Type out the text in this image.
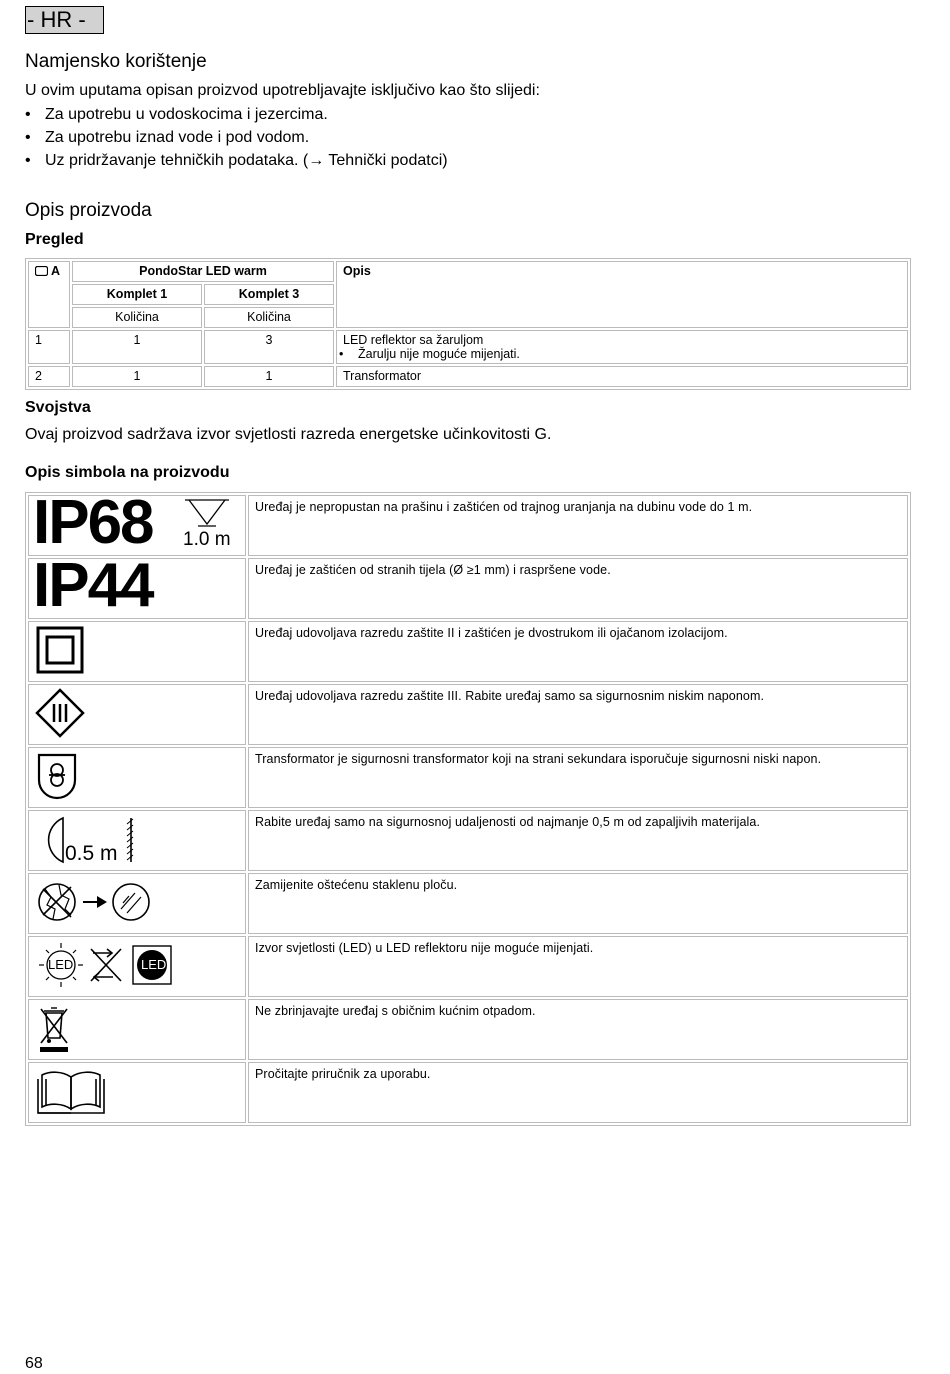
- HR -
Namjensko korištenje

U ovim uputama opisan proizvod upotrebljavajte isključivo kao što slijedi:

• Za upotrebu u vodoskocima i jezercima.
• Za upotrebu iznad vode i pod vodom.
• Uz pridržavanje tehničkih podataka. (→ Tehnički podatci)
Opis proizvoda
Pregled
A	PondoStar LED warm		Opis
	Komplet 1	Komplet 3	
	Količina	Količina	
1	1	3	LED reflektor sa žaruljom
• Žarulju nije moguće mijenjati.

2	1	1	Transformator
Svojstva

Ovaj proizvod sadržava izvor svjetlosti razreda energetske učinkovitosti G.

Opis simbola na proizvodu
IP68 1.0 m	Uređaj je nepropustan na prašinu i zaštićen od trajnog uranjanja na dubinu vode do 1 m.

IP44	Uređaj je zaštićen od stranih tijela (Ø ≥1 mm) i raspršene vode.

	Uređaj udovoljava razredu zaštite II i zaštićen je dvostrukom ili ojačanom izolacijom.

	Uređaj udovoljava razredu zaštite III. Rabite uređaj samo sa sigurnosnim niskim naponom.

	Transformator je sigurnosni transformator koji na strani sekundara isporučuje sigurnosni niski napon.

0.5 m	Rabite uređaj samo na sigurnosnoj udaljenosti od najmanje 0,5 m od zapaljivih materijala.

	Zamijenite oštećenu staklenu ploču.

LED LED	Izvor svjetlosti (LED) u LED reflektoru nije moguće mijenjati.

	Ne zbrinjavajte uređaj s običnim kućnim otpadom.

	Pročitajte priručnik za uporabu.
68
